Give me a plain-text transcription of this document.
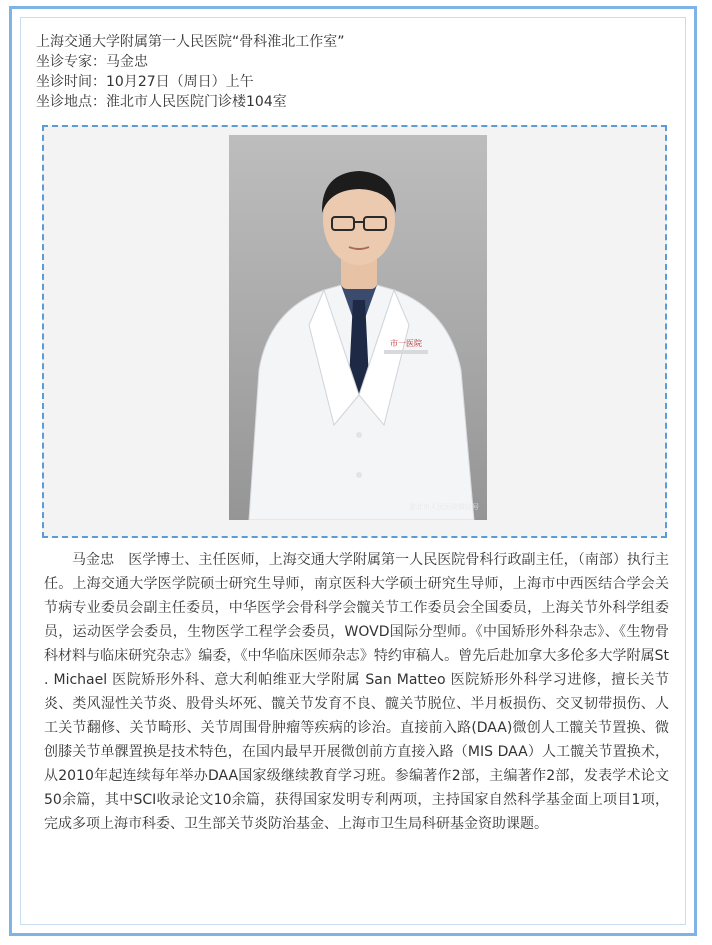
上海交通大学附属第一人民医院“骨科淮北工作室”
坐诊专家：马金忠
坐诊时间：10月27日（周日）上午
坐诊地点：淮北市人民医院门诊楼104室
市一医院
淮北市人民医院微信号

马金忠　医学博士、主任医师，上海交通大学附属第一人民医院骨科行政副主任，（南部）执行主任。上海交通大学医学院硕士研究生导师，南京医科大学硕士研究生导师，上海市中西医结合学会关节病专业委员会副主任委员，中华医学会骨科学会髋关节工作委员会全国委员，上海关节外科学组委员，运动医学会委员，生物医学工程学会委员，WOVD国际分型师。《中国矫形外科杂志》、《生物骨科材料与临床研究杂志》编委，《中华临床医师杂志》特约审稿人。曾先后赴加拿大多伦多大学附属St . Michael 医院矫形外科、意大利帕维亚大学附属 San Matteo 医院矫形外科学习进修，擅长关节炎、类风湿性关节炎、股骨头坏死、髋关节发育不良、髋关节脱位、半月板损伤、交叉韧带损伤、人工关节翻修、关节畸形、关节周围骨肿瘤等疾病的诊治。直接前入路(DAA)微创人工髋关节置换、微创膝关节单髁置换是技术特色，在国内最早开展微创前方直接入路（MIS DAA）人工髋关节置换术，从2010年起连续每年举办DAA国家级继续教育学习班。参编著作2部，主编著作2部，发表学术论文50余篇，其中SCI收录论文10余篇，获得国家发明专利两项，主持国家自然科学基金面上项目1项，完成多项上海市科委、卫生部关节炎防治基金、上海市卫生局科研基金资助课题。
